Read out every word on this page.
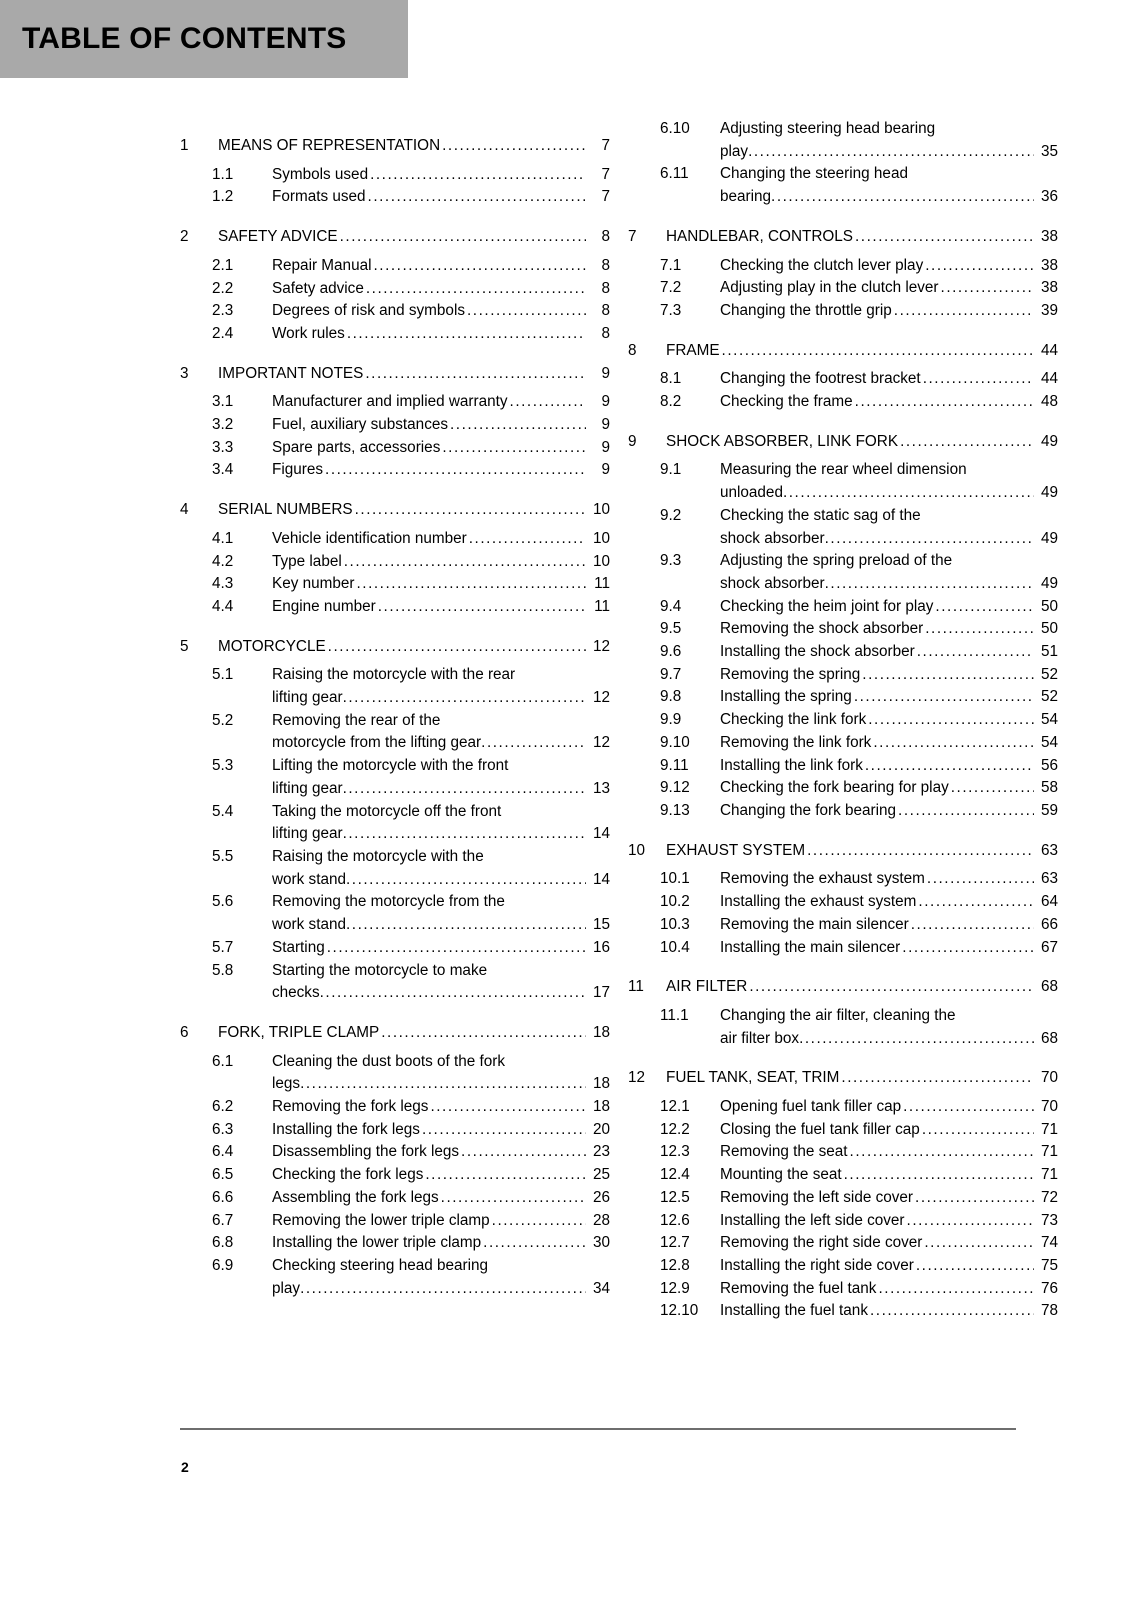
TABLE OF CONTENTS
1	MEANS OF REPRESENTATION .....	7
1.1	Symbols used .....	7
1.2	Formats used .....	7
2	SAFETY ADVICE .....	8
2.1	Repair Manual .....	8
2.2	Safety advice .....	8
2.3	Degrees of risk and symbols .....	8
2.4	Work rules .....	8
3	IMPORTANT NOTES .....	9
3.1	Manufacturer and implied warranty .....	9
3.2	Fuel, auxiliary substances .....	9
3.3	Spare parts, accessories .....	9
3.4	Figures .....	9
4	SERIAL NUMBERS .....	10
4.1	Vehicle identification number .....	10
4.2	Type label .....	10
4.3	Key number .....	11
4.4	Engine number .....	11
5	MOTORCYCLE .....	12
5.1	Raising the motorcycle with the rear
lifting gear .....	12
5.2	Removing the rear of the
motorcycle from the lifting gear .....	12
5.3	Lifting the motorcycle with the front
lifting gear .....	13
5.4	Taking the motorcycle off the front
lifting gear .....	14
5.5	Raising the motorcycle with the
work stand .....	14
5.6	Removing the motorcycle from the
work stand .....	15
5.7	Starting .....	16
5.8	Starting the motorcycle to make
checks .....	17
6	FORK, TRIPLE CLAMP .....	18
6.1	Cleaning the dust boots of the fork
legs .....	18
6.2	Removing the fork legs .....	18
6.3	Installing the fork legs .....	20
6.4	Disassembling the fork legs .....	23
6.5	Checking the fork legs .....	25
6.6	Assembling the fork legs .....	26
6.7	Removing the lower triple clamp .....	28
6.8	Installing the lower triple clamp .....	30
6.9	Checking steering head bearing
play .....	34
6.10	Adjusting steering head bearing
play .....	35
6.11	Changing the steering head
bearing .....	36
7	HANDLEBAR, CONTROLS .....	38
7.1	Checking the clutch lever play .....	38
7.2	Adjusting play in the clutch lever .....	38
7.3	Changing the throttle grip .....	39
8	FRAME .....	44
8.1	Changing the footrest bracket .....	44
8.2	Checking the frame .....	48
9	SHOCK ABSORBER, LINK FORK .....	49
9.1	Measuring the rear wheel dimension
unloaded .....	49
9.2	Checking the static sag of the
shock absorber .....	49
9.3	Adjusting the spring preload of the
shock absorber .....	49
9.4	Checking the heim joint for play .....	50
9.5	Removing the shock absorber .....	50
9.6	Installing the shock absorber .....	51
9.7	Removing the spring .....	52
9.8	Installing the spring .....	52
9.9	Checking the link fork .....	54
9.10	Removing the link fork .....	54
9.11	Installing the link fork .....	56
9.12	Checking the fork bearing for play .....	58
9.13	Changing the fork bearing .....	59
10	EXHAUST SYSTEM .....	63
10.1	Removing the exhaust system .....	63
10.2	Installing the exhaust system .....	64
10.3	Removing the main silencer .....	66
10.4	Installing the main silencer .....	67
11	AIR FILTER .....	68
11.1	Changing the air filter, cleaning the
air filter box .....	68
12	FUEL TANK, SEAT, TRIM .....	70
12.1	Opening fuel tank filler cap .....	70
12.2	Closing the fuel tank filler cap .....	71
12.3	Removing the seat .....	71
12.4	Mounting the seat .....	71
12.5	Removing the left side cover .....	72
12.6	Installing the left side cover .....	73
12.7	Removing the right side cover .....	74
12.8	Installing the right side cover .....	75
12.9	Removing the fuel tank .....	76
12.10	Installing the fuel tank .....	78
2
